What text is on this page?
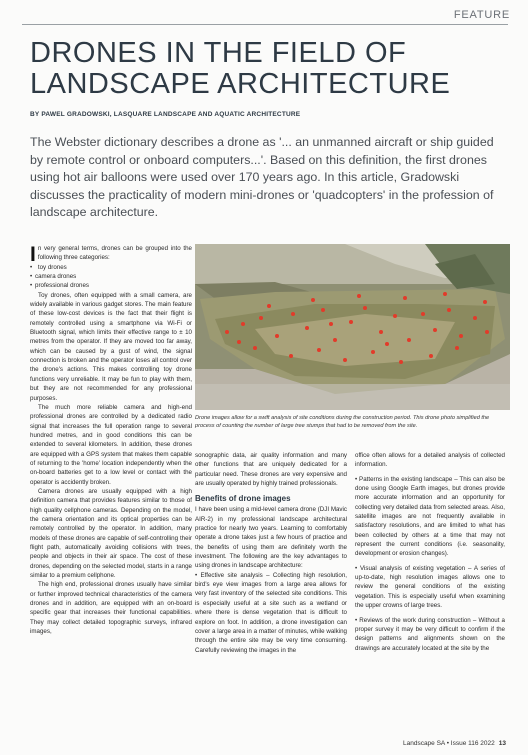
FEATURE
DRONES IN THE FIELD OF LANDSCAPE ARCHITECTURE
BY PAWEL GRADOWSKI, LASQUARE LANDSCAPE AND AQUATIC ARCHITECTURE

The Webster dictionary describes a drone as '... an unmanned aircraft or ship guided by remote control or onboard computers...'. Based on this definition, the first drones using hot air balloons were used over 170 years ago. In this article, Gradowski discusses the practicality of modern mini-drones or 'quadcopters' in the profession of landscape architecture.

In very general terms, drones can be grouped into the following three categories:

• toy drones
• camera drones
• professional drones

Toy drones, often equipped with a small camera, are widely available in various gadget stores. The main feature of these low-cost devices is the fact that their flight is remotely controlled using a smartphone via Wi-Fi or Bluetooth signal, which limits their effective range to ± 10 metres from the operator. If they are moved too far away, which can be caused by a gust of wind, the signal connection is broken and the operator loses all control over the drone's actions. This makes controlling toy drone functions very unreliable. It may be fun to play with them, but they are not recommended for any professional purposes.

The much more reliable camera and high-end professional drones are controlled by a dedicated radio signal that increases the full operation range to several hundred metres, and in good conditions this can be extended to several kilometers. In addition, these drones are equipped with a GPS system that makes them capable of returning to the 'home' location independently when the on-board batteries get to a low level or contact with the operator is accidently broken.

Camera drones are usually equipped with a high definition camera that provides features similar to those of high quality cellphone cameras. Depending on the model, the camera orientation and its optical properties can be remotely controlled by the operator. In addition, many models of these drones are capable of self-controlling their flight path, automatically avoiding collisions with trees, people and objects in their air space. The cost of these drones, depending on the selected model, starts in a range similar to a premium cellphone.

The high end, professional drones usually have similar or further improved technical characteristics of the camera drones and in addition, are equipped with an on-board specific gear that increases their functional capabilities. They may collect detailed topographic surveys, infrared images,

Drone images allow for a swift analysis of site conditions during the construction period. This drone photo simplified the process of counting the number of large tree stumps that had to be removed from the site.

sonographic data, air quality information and many other functions that are uniquely dedicated for a particular need. These drones are very expensive and are usually operated by highly trained professionals.

Benefits of drone images

I have been using a mid-level camera drone (DJI Mavic AIR-2) in my professional landscape architectural practice for nearly two years. Learning to comfortably operate a drone takes just a few hours of practice and the benefits of using them are definitely worth the investment. The following are the key advantages to using drones in landscape architecture:

• Effective site analysis – Collecting high resolution, bird's eye view images from a large area allows for very fast inventory of the selected site conditions. This is especially useful at a site such as a wetland or where there is dense vegetation that is difficult to explore on foot. In addition, a drone investigation can cover a large area in a matter of minutes, while walking through the entire site may be very time consuming. Carefully reviewing the images in the

office often allows for a detailed analysis of collected information.

• Patterns in the existing landscape – This can also be done using Google Earth images, but drones provide more accurate information and an opportunity for collecting very detailed data from selected areas. Also, satellite images are not frequently available in satisfactory resolutions, and are limited to what has been collected by others at a time that may not represent the current conditions (i.e. seasonality, development or erosion changes).

• Visual analysis of existing vegetation – A series of up-to-date, high resolution images allows one to review the general conditions of the existing vegetation. This is especially useful when examining the upper crowns of large trees.

• Reviews of the work during construction – Without a proper survey it may be very difficult to confirm if the design patterns and alignments shown on the drawings are accurately located at the site by the

Landscape SA • Issue 116 2022 13
